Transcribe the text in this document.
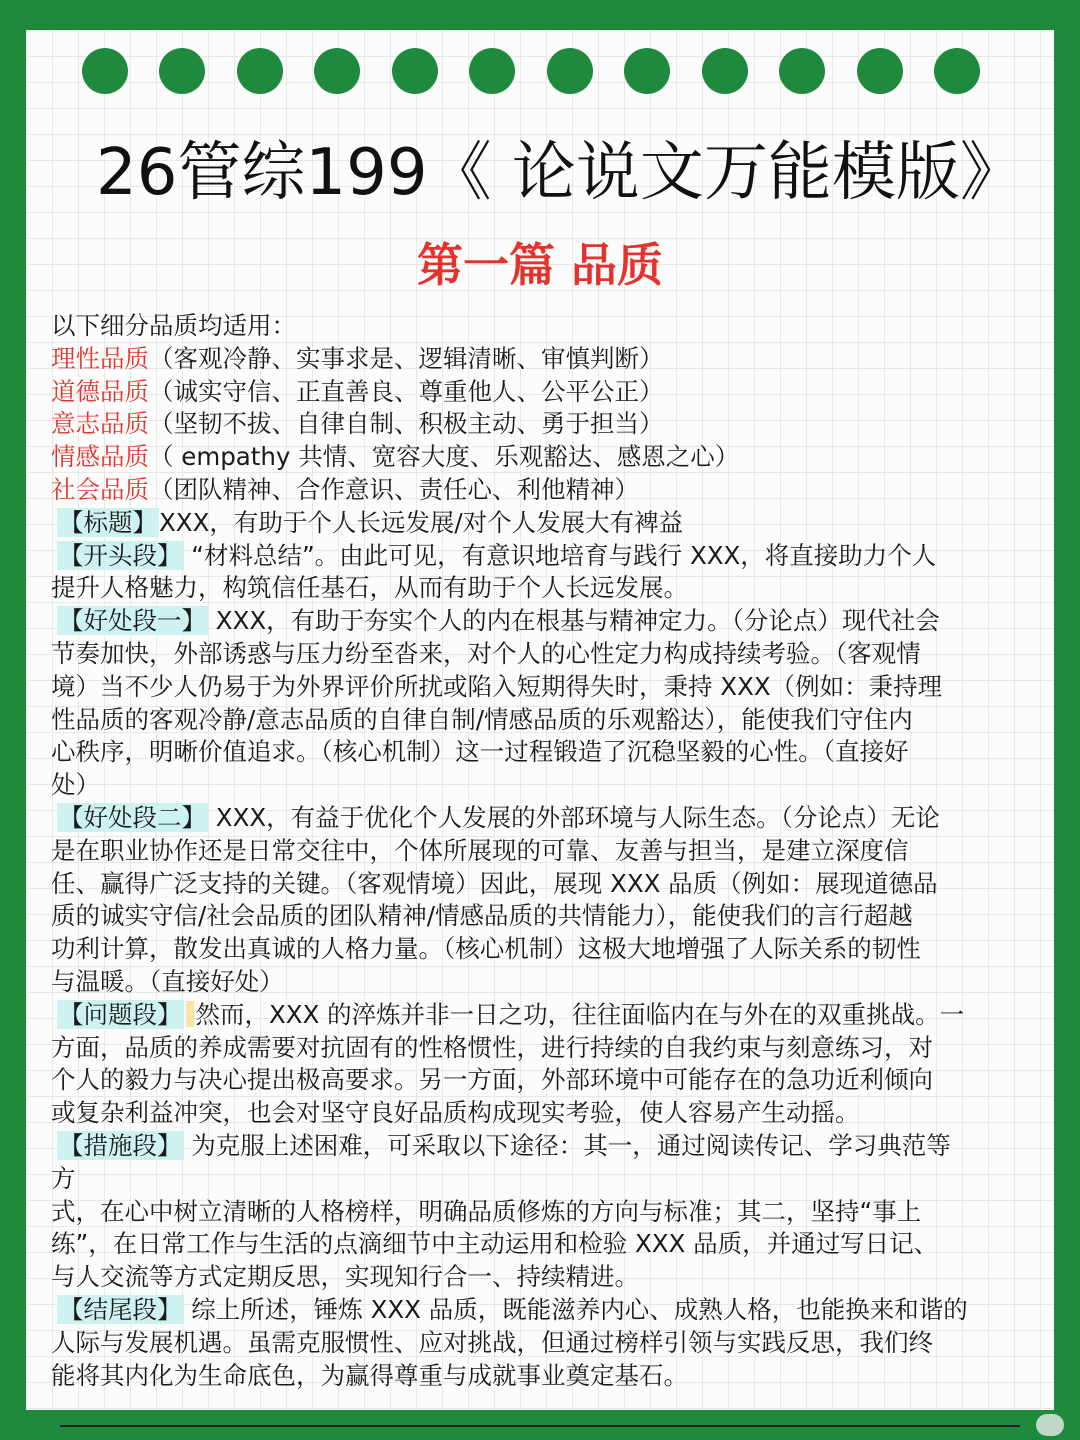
26管综199《 论说文万能模版》
第一篇 品质
以下细分品质均适用：
理性品质（客观冷静、实事求是、逻辑清晰、审慎判断）
道德品质（诚实守信、正直善良、尊重他人、公平公正）
意志品质（坚韧不拔、自律自制、积极主动、勇于担当）
情感品质（ empathy 共情、宽容大度、乐观豁达、感恩之心）
社会品质（团队精神、合作意识、责任心、利他精神）
【标题】XXX，有助于个人长远发展/对个人发展大有裨益
【开头段】 “材料总结”。由此可见，有意识地培育与践行 XXX，将直接助力个人
提升人格魅力，构筑信任基石，从而有助于个人长远发展。
【好处段一】 XXX，有助于夯实个人的内在根基与精神定力。（分论点）现代社会
节奏加快，外部诱惑与压力纷至沓来，对个人的心性定力构成持续考验。（客观情
境）当不少人仍易于为外界评价所扰或陷入短期得失时，秉持 XXX（例如：秉持理
性品质的客观冷静/意志品质的自律自制/情感品质的乐观豁达），能使我们守住内
心秩序，明晰价值追求。（核心机制）这一过程锻造了沉稳坚毅的心性。（直接好
处）
【好处段二】 XXX，有益于优化个人发展的外部环境与人际生态。（分论点）无论
是在职业协作还是日常交往中，个体所展现的可靠、友善与担当，是建立深度信
任、赢得广泛支持的关键。（客观情境）因此，展现 XXX 品质（例如：展现道德品
质的诚实守信/社会品质的团队精神/情感品质的共情能力），能使我们的言行超越
功利计算，散发出真诚的人格力量。（核心机制）这极大地增强了人际关系的韧性
与温暖。（直接好处）
【问题段】 然而，XXX 的淬炼并非一日之功，往往面临内在与外在的双重挑战。一
方面，品质的养成需要对抗固有的性格惯性，进行持续的自我约束与刻意练习，对
个人的毅力与决心提出极高要求。另一方面，外部环境中可能存在的急功近利倾向
或复杂利益冲突，也会对坚守良好品质构成现实考验，使人容易产生动摇。
【措施段】 为克服上述困难，可采取以下途径：其一，通过阅读传记、学习典范等
方
式，在心中树立清晰的人格榜样，明确品质修炼的方向与标准；其二，坚持“事上
练”，在日常工作与生活的点滴细节中主动运用和检验 XXX 品质，并通过写日记、
与人交流等方式定期反思，实现知行合一、持续精进。
【结尾段】 综上所述，锤炼 XXX 品质，既能滋养内心、成熟人格，也能换来和谐的
人际与发展机遇。虽需克服惯性、应对挑战，但通过榜样引领与实践反思，我们终
能将其内化为生命底色，为赢得尊重与成就事业奠定基石。
